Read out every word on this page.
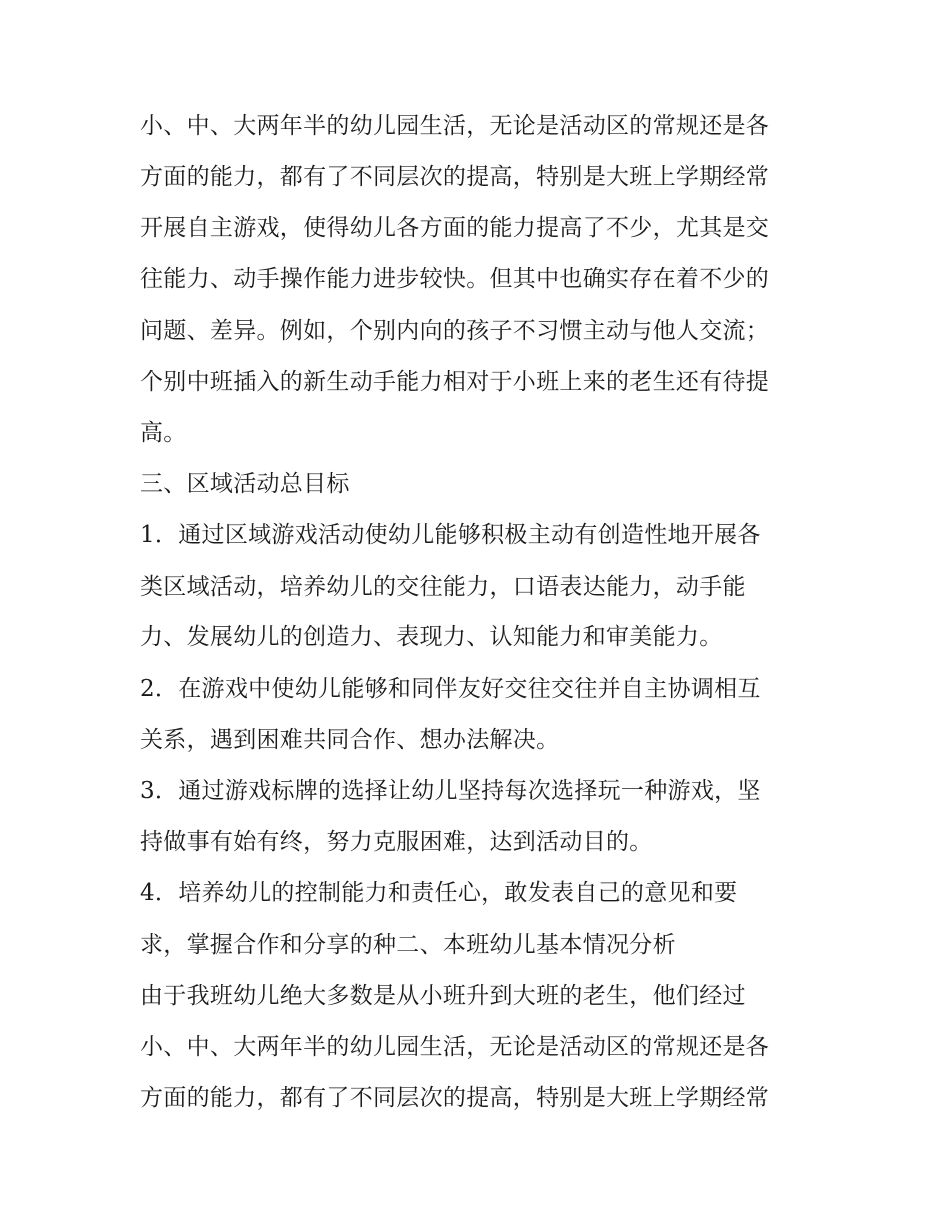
小、中、大两年半的幼儿园生活，无论是活动区的常规还是各
方面的能力，都有了不同层次的提高，特别是大班上学期经常
开展自主游戏，使得幼儿各方面的能力提高了不少，尤其是交
往能力、动手操作能力进步较快。但其中也确实存在着不少的
问题、差异。例如，个别内向的孩子不习惯主动与他人交流；
个别中班插入的新生动手能力相对于小班上来的老生还有待提
高。
三、区域活动总目标
1．通过区域游戏活动使幼儿能够积极主动有创造性地开展各
类区域活动，培养幼儿的交往能力，口语表达能力，动手能
力、发展幼儿的创造力、表现力、认知能力和审美能力。
2．在游戏中使幼儿能够和同伴友好交往交往并自主协调相互
关系，遇到困难共同合作、想办法解决。
3．通过游戏标牌的选择让幼儿坚持每次选择玩一种游戏，坚
持做事有始有终，努力克服困难，达到活动目的。
4．培养幼儿的控制能力和责任心，敢发表自己的意见和要
求，掌握合作和分享的种二、本班幼儿基本情况分析
由于我班幼儿绝大多数是从小班升到大班的老生，他们经过
小、中、大两年半的幼儿园生活，无论是活动区的常规还是各
方面的能力，都有了不同层次的提高，特别是大班上学期经常
